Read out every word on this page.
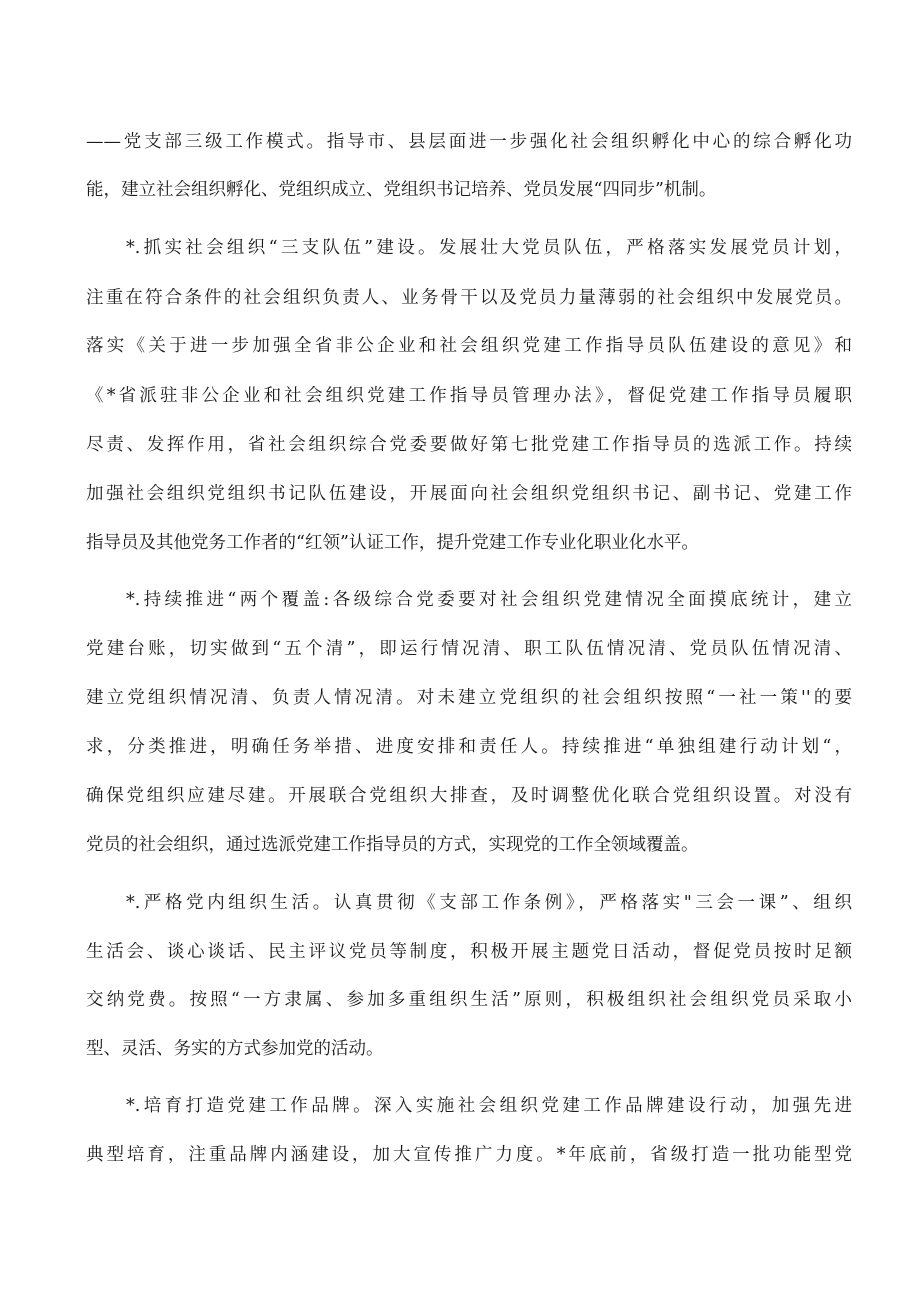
——党支部三级工作模式。指导市、县层面进一步强化社会组织孵化中心的综合孵化功
能，建立社会组织孵化、党组织成立、党组织书记培养、党员发展“四同步”机制。
*.抓实社会组织“三支队伍”建设。发展壮大党员队伍，严格落实发展党员计划，
注重在符合条件的社会组织负责人、业务骨干以及党员力量薄弱的社会组织中发展党员。
落实《关于进一步加强全省非公企业和社会组织党建工作指导员队伍建设的意见》和
《*省派驻非公企业和社会组织党建工作指导员管理办法》，督促党建工作指导员履职
尽责、发挥作用，省社会组织综合党委要做好第七批党建工作指导员的选派工作。持续
加强社会组织党组织书记队伍建设，开展面向社会组织党组织书记、副书记、党建工作
指导员及其他党务工作者的“红领”认证工作，提升党建工作专业化职业化水平。
*.持续推进“两个覆盖:各级综合党委要对社会组织党建情况全面摸底统计，建立
党建台账，切实做到“五个清”，即运行情况清、职工队伍情况清、党员队伍情况清、
建立党组织情况清、负责人情况清。对未建立党组织的社会组织按照“一社一策''的要
求，分类推进，明确任务举措、进度安排和责任人。持续推进“单独组建行动计划“，
确保党组织应建尽建。开展联合党组织大排查，及时调整优化联合党组织设置。对没有
党员的社会组织，通过选派党建工作指导员的方式，实现党的工作全领域覆盖。
*.严格党内组织生活。认真贯彻《支部工作条例》，严格落实"三会一课”、组织
生活会、谈心谈话、民主评议党员等制度，积极开展主题党日活动，督促党员按时足额
交纳党费。按照“一方隶属、参加多重组织生活”原则，积极组织社会组织党员采取小
型、灵活、务实的方式参加党的活动。
*.培育打造党建工作品牌。深入实施社会组织党建工作品牌建设行动，加强先进
典型培育，注重品牌内涵建设，加大宣传推广力度。*年底前，省级打造一批功能型党
